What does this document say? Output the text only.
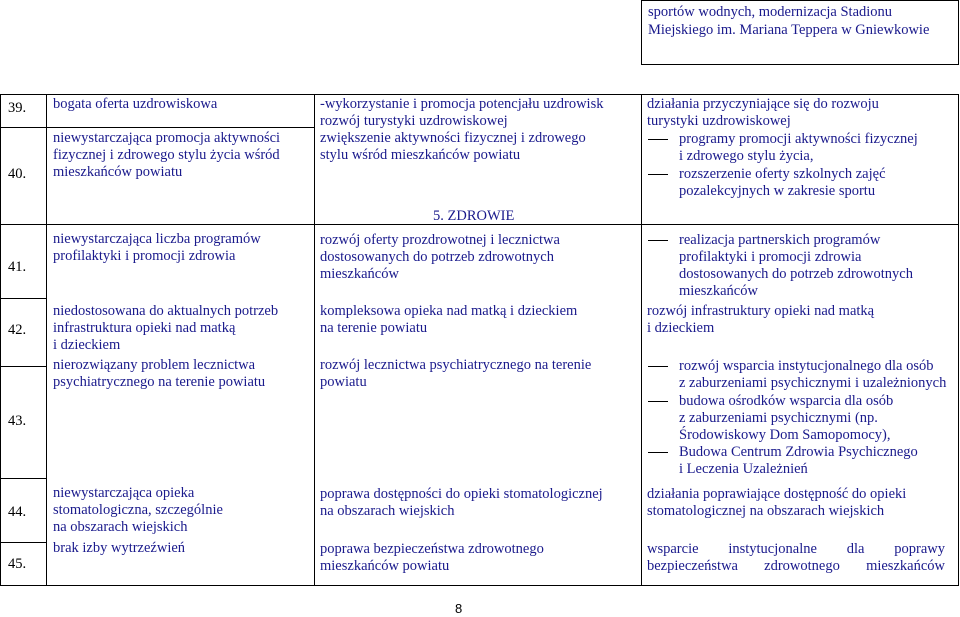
sportów wodnych, modernizacja Stadionu
Miejskiego im. Mariana Teppera w Gniewkowie
39.
40.
41.
42.
43.
44.
45.
bogata oferta uzdrowiskowa
niewystarczająca promocja aktywności
fizycznej i zdrowego stylu życia wśród
mieszkańców powiatu
niewystarczająca liczba programów
profilaktyki i promocji zdrowia
niedostosowana do aktualnych potrzeb
infrastruktura opieki nad matką
i dzieckiem
nierozwiązany problem lecznictwa
psychiatrycznego na terenie powiatu
niewystarczająca opieka
stomatologiczna, szczególnie
na obszarach wiejskich
brak izby wytrzeźwień
-wykorzystanie i promocja potencjału uzdrowisk
rozwój turystyki uzdrowiskowej
zwiększenie aktywności fizycznej i zdrowego
stylu wśród mieszkańców powiatu
5. ZDROWIE
rozwój oferty prozdrowotnej i lecznictwa
dostosowanych do potrzeb zdrowotnych
mieszkańców
kompleksowa opieka nad matką i dzieckiem
na terenie powiatu
rozwój lecznictwa psychiatrycznego na terenie
powiatu
poprawa dostępności do opieki stomatologicznej
na obszarach wiejskich
poprawa bezpieczeństwa zdrowotnego
mieszkańców powiatu
działania przyczyniające się do rozwoju
turystyki uzdrowiskowej
programy promocji aktywności fizycznej
i zdrowego stylu życia,
rozszerzenie oferty szkolnych zajęć
pozalekcyjnych w zakresie sportu
realizacja partnerskich programów
profilaktyki i promocji zdrowia
dostosowanych do potrzeb zdrowotnych
mieszkańców
rozwój infrastruktury opieki nad matką
i dzieckiem
rozwój wsparcia instytucjonalnego dla osób
z zaburzeniami psychicznymi i uzależnionych
budowa ośrodków wsparcia dla osób
z zaburzeniami psychicznymi (np.
Środowiskowy Dom Samopomocy),
Budowa Centrum Zdrowia Psychicznego
i Leczenia Uzależnień
działania poprawiające dostępność do opieki
stomatologicznej na obszarach wiejskich
wsparcie instytucjonalne dla poprawy
bezpieczeństwa zdrowotnego mieszkańców
8
